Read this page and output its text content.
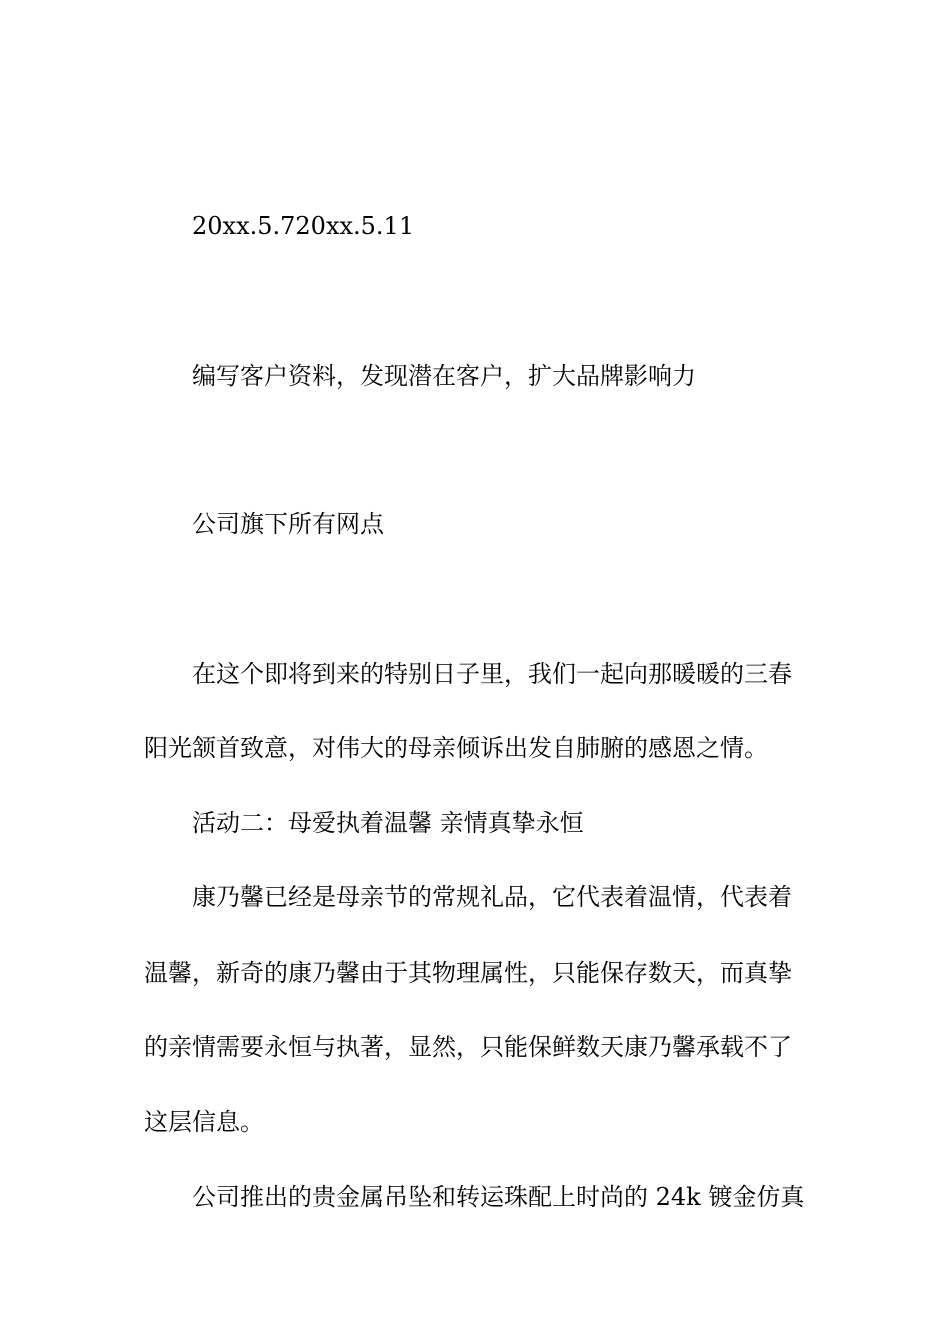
20xx.5.720xx.5.11
编写客户资料，发现潜在客户，扩大品牌影响力
公司旗下所有网点
在这个即将到来的特别日子里，我们一起向那暖暖的三春
阳光颔首致意，对伟大的母亲倾诉出发自肺腑的感恩之情。
活动二：母爱执着温馨 亲情真挚永恒
康乃馨已经是母亲节的常规礼品，它代表着温情，代表着
温馨，新奇的康乃馨由于其物理属性，只能保存数天，而真挚
的亲情需要永恒与执著，显然，只能保鲜数天康乃馨承载不了
这层信息。
公司推出的贵金属吊坠和转运珠配上时尚的 24k 镀金仿真
